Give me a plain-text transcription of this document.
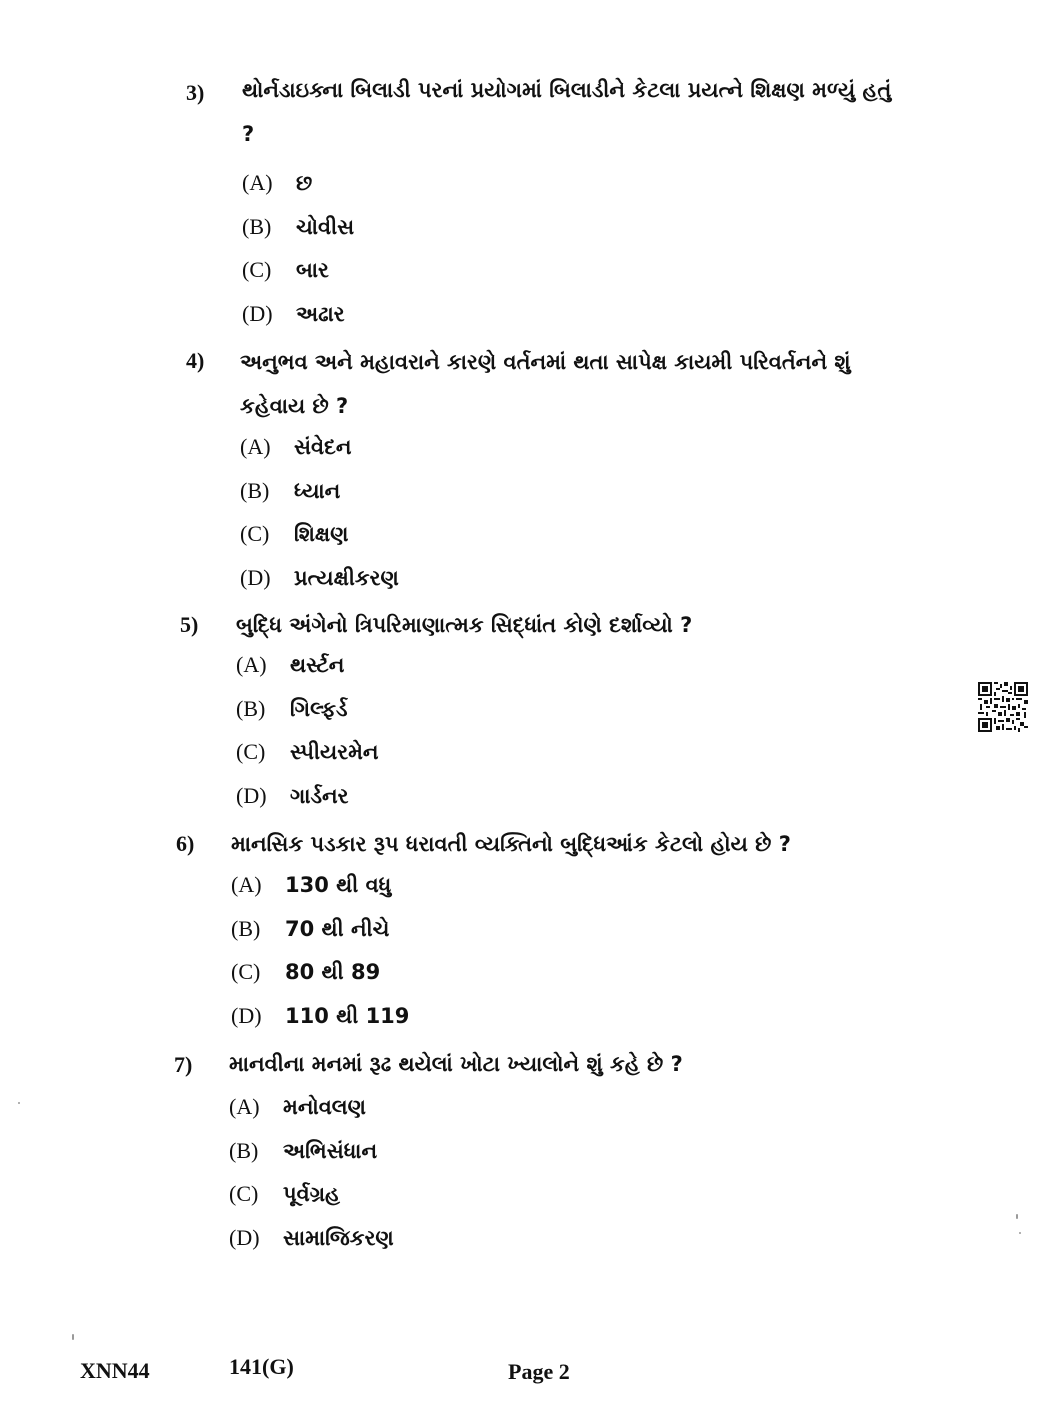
3) થોર્નડાઇક્ના બિલાડી પરનાં પ્રયોગમાં બિલાડીને કેટલા પ્રયત્ને શિક્ષણ મળ્યું હતું ?
(A) છ
(B) ચોવીસ
(C) બાર
(D) અઢાર
4) અનુભવ અને મહાવરાને કારણે વર્તનમાં થતા સાપેક્ષ કાયમી પરિવર્તનને શું કહેવાય છે ?
(A) સંવેદન
(B) ધ્યાન
(C) શિક્ષણ
(D) પ્રત્યક્ષીકરણ
5) બુદ્ધિ અંગેનો ત્રિપરિમાણાત્મક સિદ્ધાંત કોણે દર્શાવ્યો ?
(A) થર્સ્ટન
(B) ગિલ્ફર્ડ
(C) સ્પીયરમેન
(D) ગાર્ડનર
6) માનસિક પડકાર રૂપ ધરાવતી વ્યક્તિનો બુદ્ધિઆંક કેટલો હોય છે ?
(A) 130 થી વધુ
(B) 70 થી નીચે
(C) 80 થી 89
(D) 110 થી 119
7) માનવીના મનમાં રૂઢ થયેલાં ખોટા ખ્યાલોને શું કહે છે ?
(A) મનોવલણ
(B) અભિસંધાન
(C) પૂર્વગ્રહ
(D) સામાજિકરણ
XNN44	141(G)	Page 2
